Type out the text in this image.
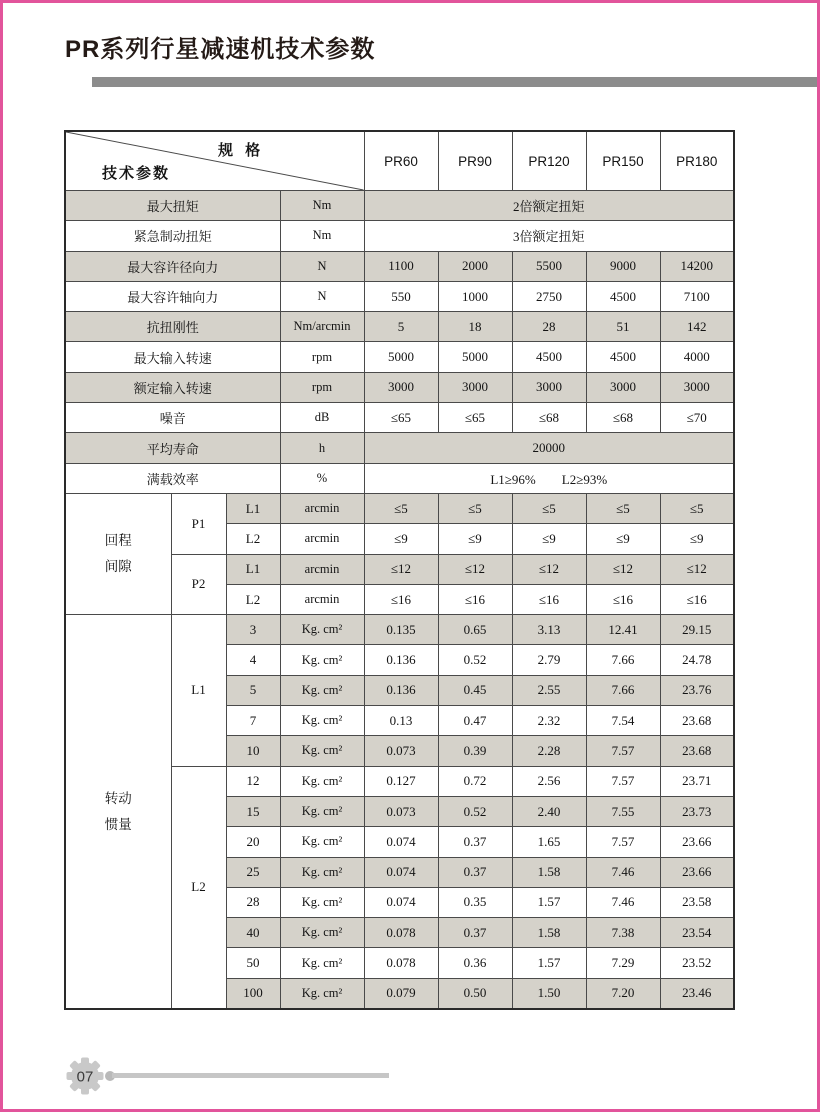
PR系列行星减速机技术参数
规 格
技术参数				PR60	PR90	PR120	PR150	PR180
最大扭矩			Nm	2倍额定扭矩				
紧急制动扭矩			Nm	3倍额定扭矩				
最大容许径向力			N	1100	2000	5500	9000	14200
最大容许轴向力			N	550	1000	2750	4500	7100
抗扭刚性			Nm/arcmin	5	18	28	51	142
最大输入转速			rpm	5000	5000	4500	4500	4000
额定输入转速			rpm	3000	3000	3000	3000	3000
噪音			dB	≤65	≤65	≤68	≤68	≤70
平均寿命			h	20000				
满载效率			%	L1≥96%　　L2≥93%				

回程
间隙	P1	L1	arcmin	≤5	≤5	≤5	≤5	≤5
		L2	arcmin	≤9	≤9	≤9	≤9	≤9
	P2	L1	arcmin	≤12	≤12	≤12	≤12	≤12
		L2	arcmin	≤16	≤16	≤16	≤16	≤16

转动
惯量	L1	3	Kg. cm²	0.135	0.65	3.13	12.41	29.15
		4	Kg. cm²	0.136	0.52	2.79	7.66	24.78
		5	Kg. cm²	0.136	0.45	2.55	7.66	23.76
		7	Kg. cm²	0.13	0.47	2.32	7.54	23.68
		10	Kg. cm²	0.073	0.39	2.28	7.57	23.68
	L2	12	Kg. cm²	0.127	0.72	2.56	7.57	23.71
		15	Kg. cm²	0.073	0.52	2.40	7.55	23.73
		20	Kg. cm²	0.074	0.37	1.65	7.57	23.66
		25	Kg. cm²	0.074	0.37	1.58	7.46	23.66
		28	Kg. cm²	0.074	0.35	1.57	7.46	23.58
		40	Kg. cm²	0.078	0.37	1.58	7.38	23.54
		50	Kg. cm²	0.078	0.36	1.57	7.29	23.52
		100	Kg. cm²	0.079	0.50	1.50	7.20	23.46
07
